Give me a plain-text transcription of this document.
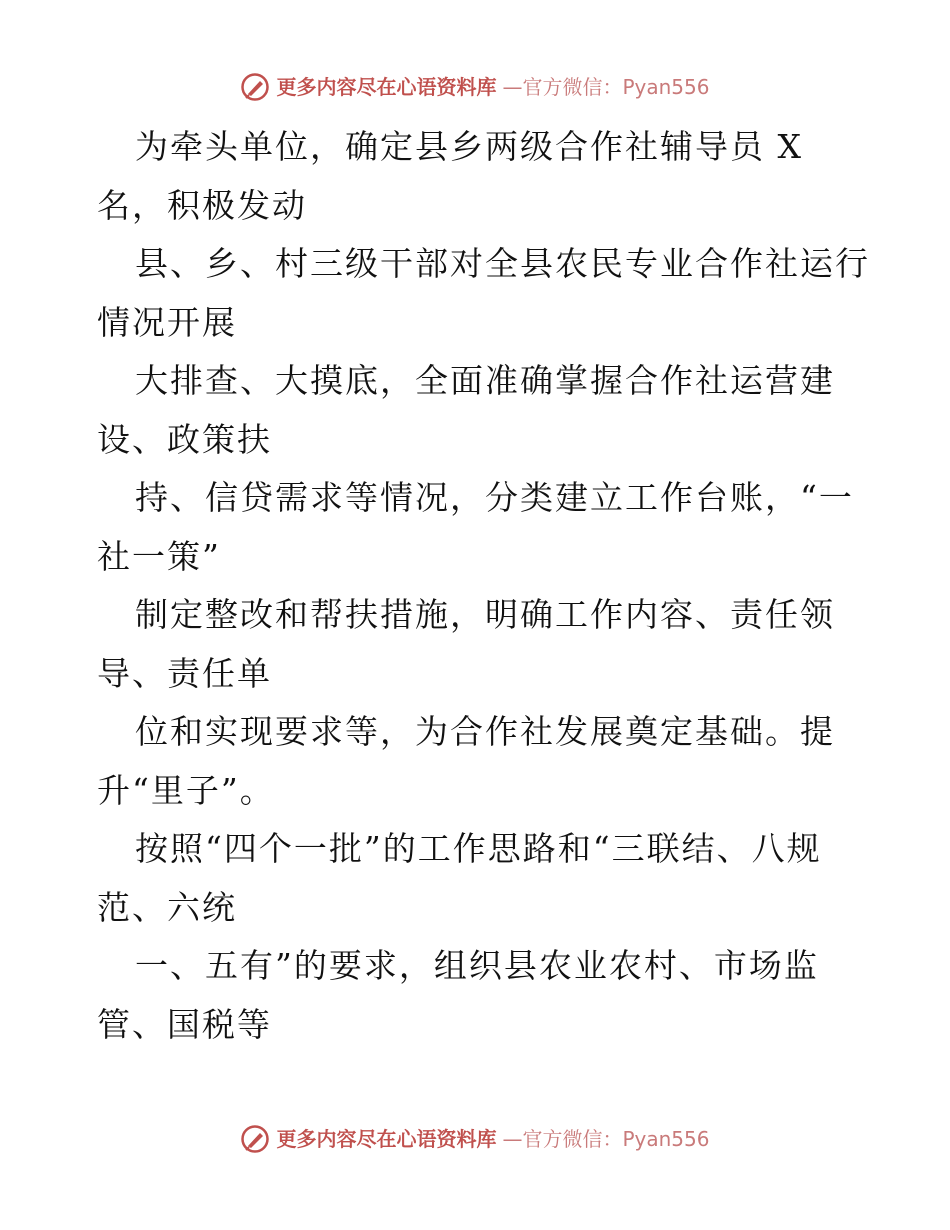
更多内容尽在心语资料库 —官方微信：Pyan556
为牵头单位，确定县乡两级合作社辅导员 X
名，积极发动
县、乡、村三级干部对全县农民专业合作社运行
情况开展
大排查、大摸底，全面准确掌握合作社运营建
设、政策扶
持、信贷需求等情况，分类建立工作台账，“一
社一策”
制定整改和帮扶措施，明确工作内容、责任领
导、责任单
位和实现要求等，为合作社发展奠定基础。提
升“里子”。
按照“四个一批”的工作思路和“三联结、八规
范、六统
一、五有”的要求，组织县农业农村、市场监
管、国税等
更多内容尽在心语资料库 —官方微信：Pyan556
